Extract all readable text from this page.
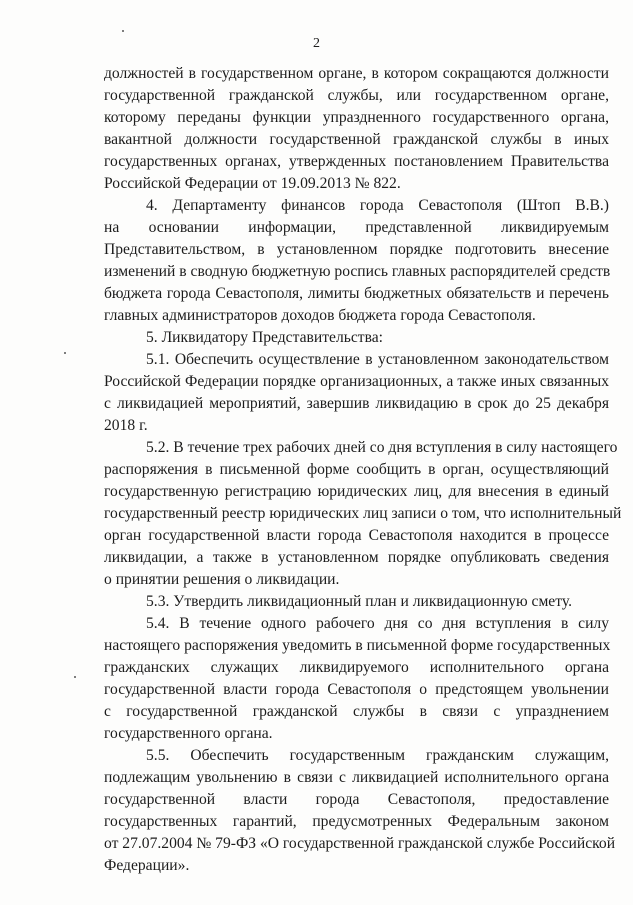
2
должностей в государственном органе, в котором сокращаются должности
государственной гражданской службы, или государственном органе,
которому переданы функции упраздненного государственного органа,
вакантной должности государственной гражданской службы в иных
государственных органах, утвержденных постановлением Правительства
Российской Федерации от 19.09.2013 № 822.
4. Департаменту финансов города Севастополя (Штоп В.В.)
на основании информации, представленной ликвидируемым
Представительством, в установленном порядке подготовить внесение
изменений в сводную бюджетную роспись главных распорядителей средств
бюджета города Севастополя, лимиты бюджетных обязательств и перечень
главных администраторов доходов бюджета города Севастополя.
5. Ликвидатору Представительства:
5.1. Обеспечить осуществление в установленном законодательством
Российской Федерации порядке организационных, а также иных связанных
с ликвидацией мероприятий, завершив ликвидацию в срок до 25 декабря
2018 г.
5.2. В течение трех рабочих дней со дня вступления в силу настоящего
распоряжения в письменной форме сообщить в орган, осуществляющий
государственную регистрацию юридических лиц, для внесения в единый
государственный реестр юридических лиц записи о том, что исполнительный
орган государственной власти города Севастополя находится в процессе
ликвидации, а также в установленном порядке опубликовать сведения
о принятии решения о ликвидации.
5.3. Утвердить ликвидационный план и ликвидационную смету.
5.4. В течение одного рабочего дня со дня вступления в силу
настоящего распоряжения уведомить в письменной форме государственных
гражданских служащих ликвидируемого исполнительного органа
государственной власти города Севастополя о предстоящем увольнении
с государственной гражданской службы в связи с упразднением
государственного органа.
5.5. Обеспечить государственным гражданским служащим,
подлежащим увольнению в связи с ликвидацией исполнительного органа
государственной власти города Севастополя, предоставление
государственных гарантий, предусмотренных Федеральным законом
от 27.07.2004 № 79-ФЗ «О государственной гражданской службе Российской
Федерации».
